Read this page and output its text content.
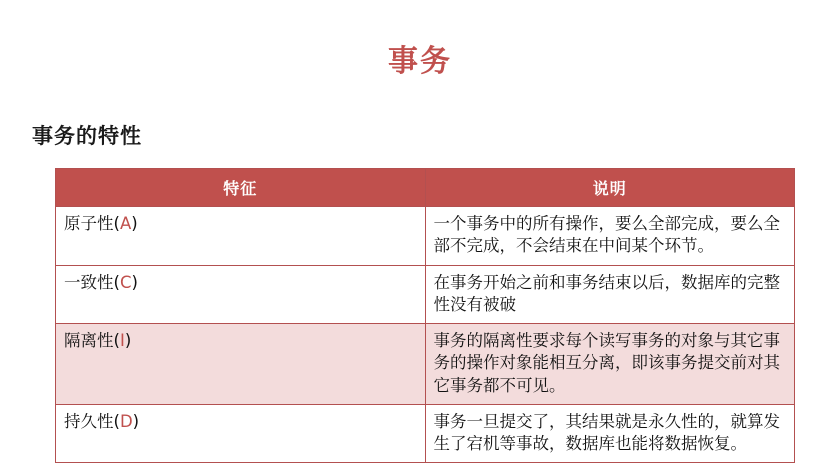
事务
事务的特性
特征	说明
原子性(A)	一个事务中的所有操作，要么全部完成，要么全部不完成，不会结束在中间某个环节。
一致性(C)	在事务开始之前和事务结束以后，数据库的完整性没有被破
隔离性(Ⅰ)	事务的隔离性要求每个读写事务的对象与其它事务的操作对象能相互分离，即该事务提交前对其它事务都不可见。
持久性(D)	事务一旦提交了，其结果就是永久性的，就算发生了宕机等事故，数据库也能将数据恢复。
